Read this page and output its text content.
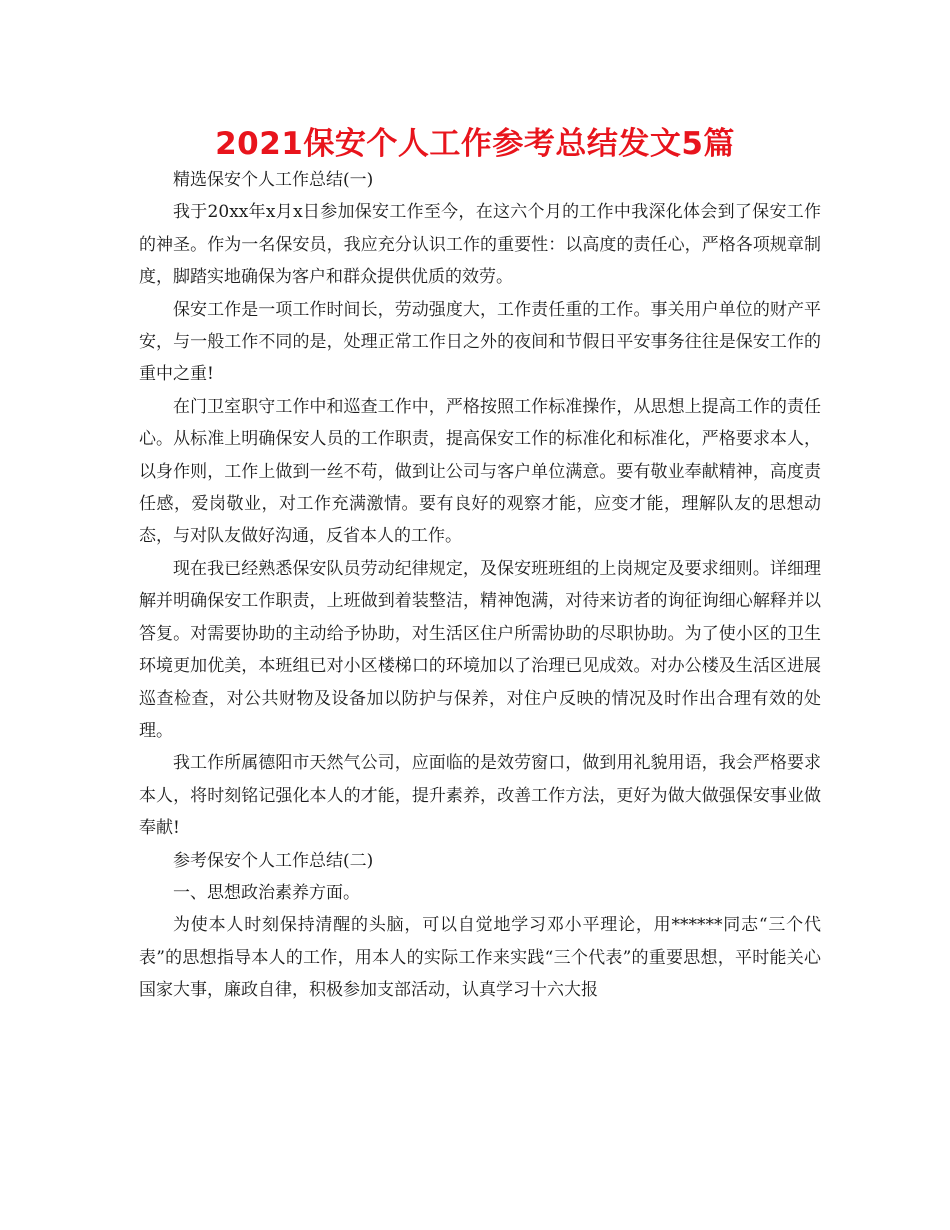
2021保安个人工作参考总结发文5篇

精选保安个人工作总结(一)

我于20xx年x月x日参加保安工作至今，在这六个月的工作中我深化体会到了保安工作的神圣。作为一名保安员，我应充分认识工作的重要性：以高度的责任心，严格各项规章制度，脚踏实地确保为客户和群众提供优质的效劳。

保安工作是一项工作时间长，劳动强度大，工作责任重的工作。事关用户单位的财产平安，与一般工作不同的是，处理正常工作日之外的夜间和节假日平安事务往往是保安工作的重中之重!

在门卫室职守工作中和巡查工作中，严格按照工作标准操作，从思想上提高工作的责任心。从标准上明确保安人员的工作职责，提高保安工作的标准化和标准化，严格要求本人，以身作则，工作上做到一丝不苟，做到让公司与客户单位满意。要有敬业奉献精神，高度责任感，爱岗敬业，对工作充满激情。要有良好的观察才能，应变才能，理解队友的思想动态，与对队友做好沟通，反省本人的工作。

现在我已经熟悉保安队员劳动纪律规定，及保安班班组的上岗规定及要求细则。详细理解并明确保安工作职责，上班做到着装整洁，精神饱满，对待来访者的询征询细心解释并以答复。对需要协助的主动给予协助，对生活区住户所需协助的尽职协助。为了使小区的卫生环境更加优美，本班组已对小区楼梯口的环境加以了治理已见成效。对办公楼及生活区进展巡查检查，对公共财物及设备加以防护与保养，对住户反映的情况及时作出合理有效的处理。

我工作所属德阳市天然气公司，应面临的是效劳窗口，做到用礼貌用语，我会严格要求本人，将时刻铭记强化本人的才能，提升素养，改善工作方法，更好为做大做强保安事业做奉献!

参考保安个人工作总结(二)

一、思想政治素养方面。

为使本人时刻保持清醒的头脑，可以自觉地学习邓小平理论，用******同志“三个代表”的思想指导本人的工作，用本人的实际工作来实践“三个代表”的重要思想，平时能关心国家大事，廉政自律，积极参加支部活动，认真学习十六大报
